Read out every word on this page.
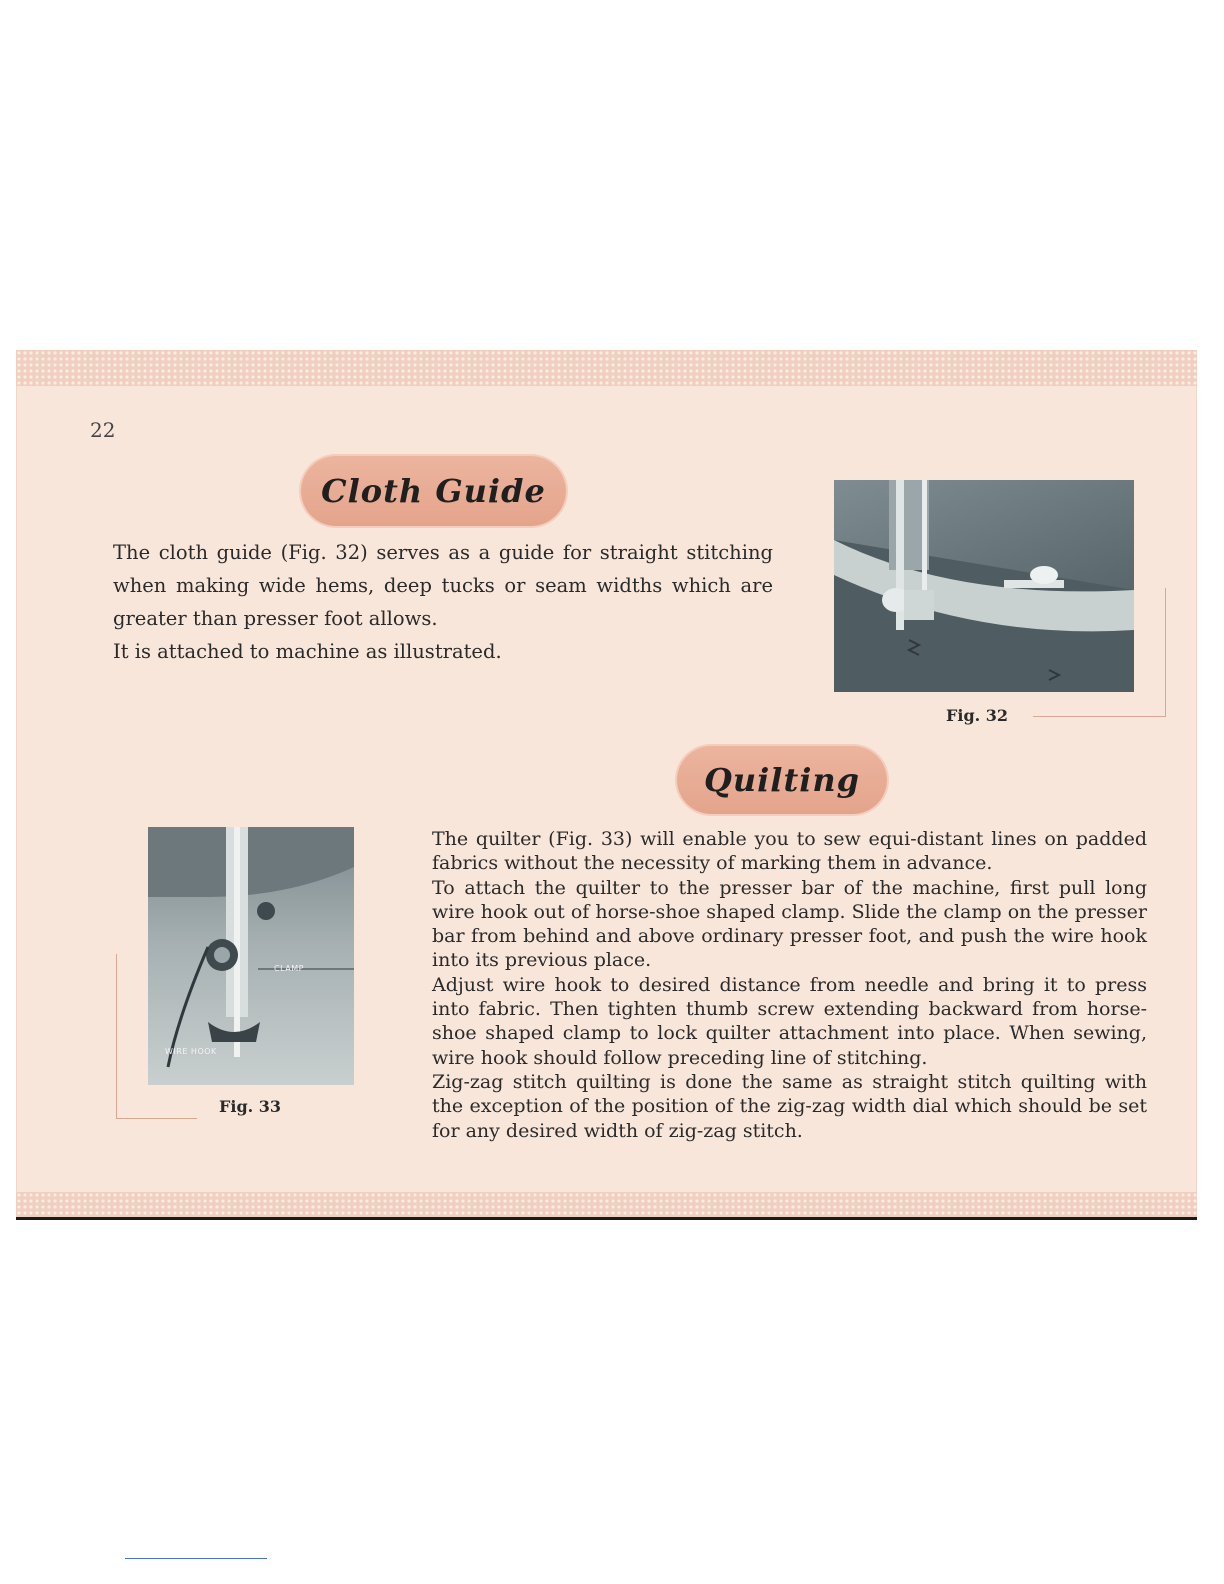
22
Cloth Guide

The cloth guide (Fig. 32) serves as a guide for straight stitching when making wide hems, deep tucks or seam widths which are greater than presser foot allows.

It is attached to machine as illustrated.

Fig. 32
Quilting
CLAMP
WIRE HOOK
Fig. 33

The quilter (Fig. 33) will enable you to sew equi-distant lines on padded fabrics without the necessity of marking them in advance.

To attach the quilter to the presser bar of the machine, first pull long wire hook out of horse-shoe shaped clamp. Slide the clamp on the presser bar from behind and above ordinary presser foot, and push the wire hook into its previous place.

Adjust wire hook to desired distance from needle and bring it to press into fabric. Then tighten thumb screw extending backward from horse-shoe shaped clamp to lock quilter attachment into place. When sewing, wire hook should follow preceding line of stitching.

Zig-zag stitch quilting is done the same as straight stitch quilting with the exception of the position of the zig-zag width dial which should be set for any desired width of zig-zag stitch.
